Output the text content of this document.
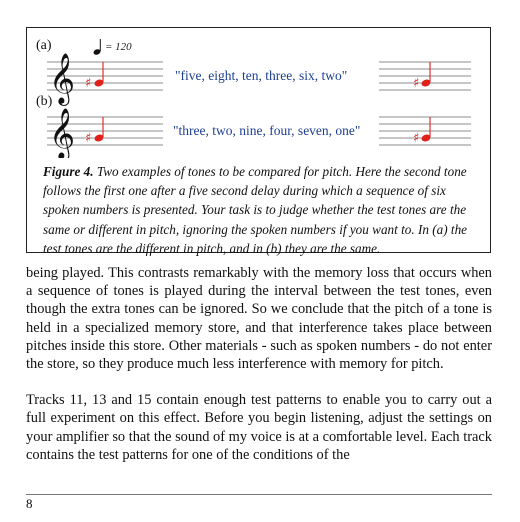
𝄞
𝄞
♯	♯
♯	♯
(a)	= 120
(b)
"five, eight, ten, three, six, two"
"three, two, nine, four, seven, one"
Figure 4. Two examples of tones to be compared for pitch. Here the second tone follows the first one after a five second delay during which a sequence of six spoken numbers is presented. Your task is to judge whether the test tones are the same or different in pitch, ignoring the spoken numbers if you want to. In (a) the test tones are the different in pitch, and in (b) they are the same.

being played. This contrasts remarkably with the memory loss that occurs when a sequence of tones is played during the interval between the test tones, even though the extra tones can be ignored. So we conclude that the pitch of a tone is held in a specialized memory store, and that interference takes place between pitches inside this store. Other materials - such as spoken numbers - do not enter the store, so they produce much less interference with memory for pitch.

Tracks 11, 13 and 15 contain enough test patterns to enable you to carry out a full experiment on this effect. Before you begin listening, adjust the settings on your amplifier so that the sound of my voice is at a comfortable level. Each track contains the test patterns for one of the conditions of the

8
